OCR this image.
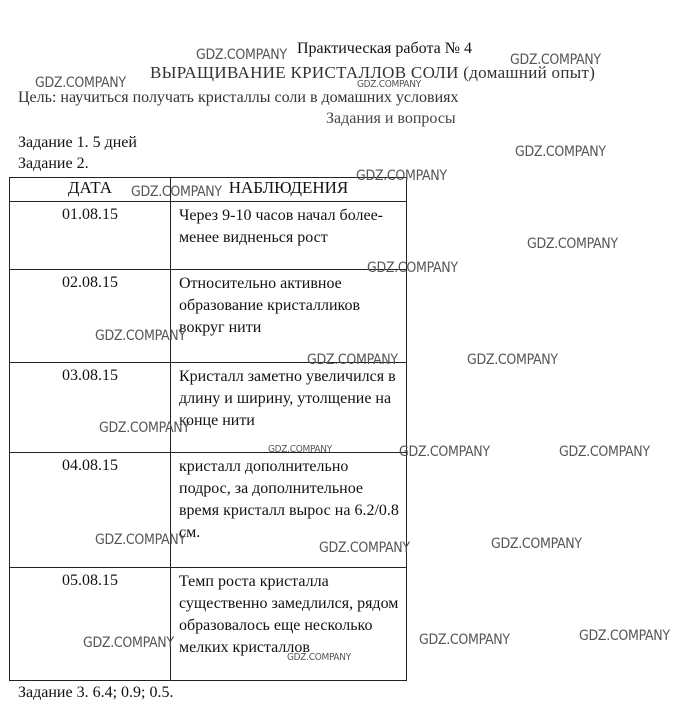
Практическая работа № 4
ВЫРАЩИВАНИЕ КРИСТАЛЛОВ СОЛИ (домашний опыт)
Цель: научиться получать кристаллы соли в домашних условиях
Задания и вопросы
Задание 1. 5 дней
Задание 2.
ДАТА	НАБЛЮДЕНИЯ
01.08.15	Через 9-10 часов начал более-менее видненься рост
02.08.15	Относительно активное образование кристалликов вокруг нити
03.08.15	Кристалл заметно увеличился в длину и ширину, утолщение на конце нити
04.08.15	кристалл дополнительно подрос, за дополнительное время кристалл вырос на 6.2/0.8 см.
05.08.15	Темп роста кристалла существенно замедлился, рядом образовалось еще несколько мелких кристаллов
Задание 3. 6.4; 0.9; 0.5.
GDZ.COMPANY	GDZ.COMPANY
GDZ.COMPANY	GDZ.COMPANY
GDZ.COMPANY
GDZ.COMPANY
GDZ.COMPANY
GDZ.COMPANY
GDZ.COMPANY
GDZ.COMPANY
GDZ.COMPANY	GDZ.COMPANY
GDZ.COMPANY
GDZ.COMPANY	GDZ.COMPANY	GDZ.COMPANY
GDZ.COMPANY	GDZ.COMPANY	GDZ.COMPANY
GDZ.COMPANY
GDZ.COMPANY	GDZ.COMPANY
GDZ.COMPANY
